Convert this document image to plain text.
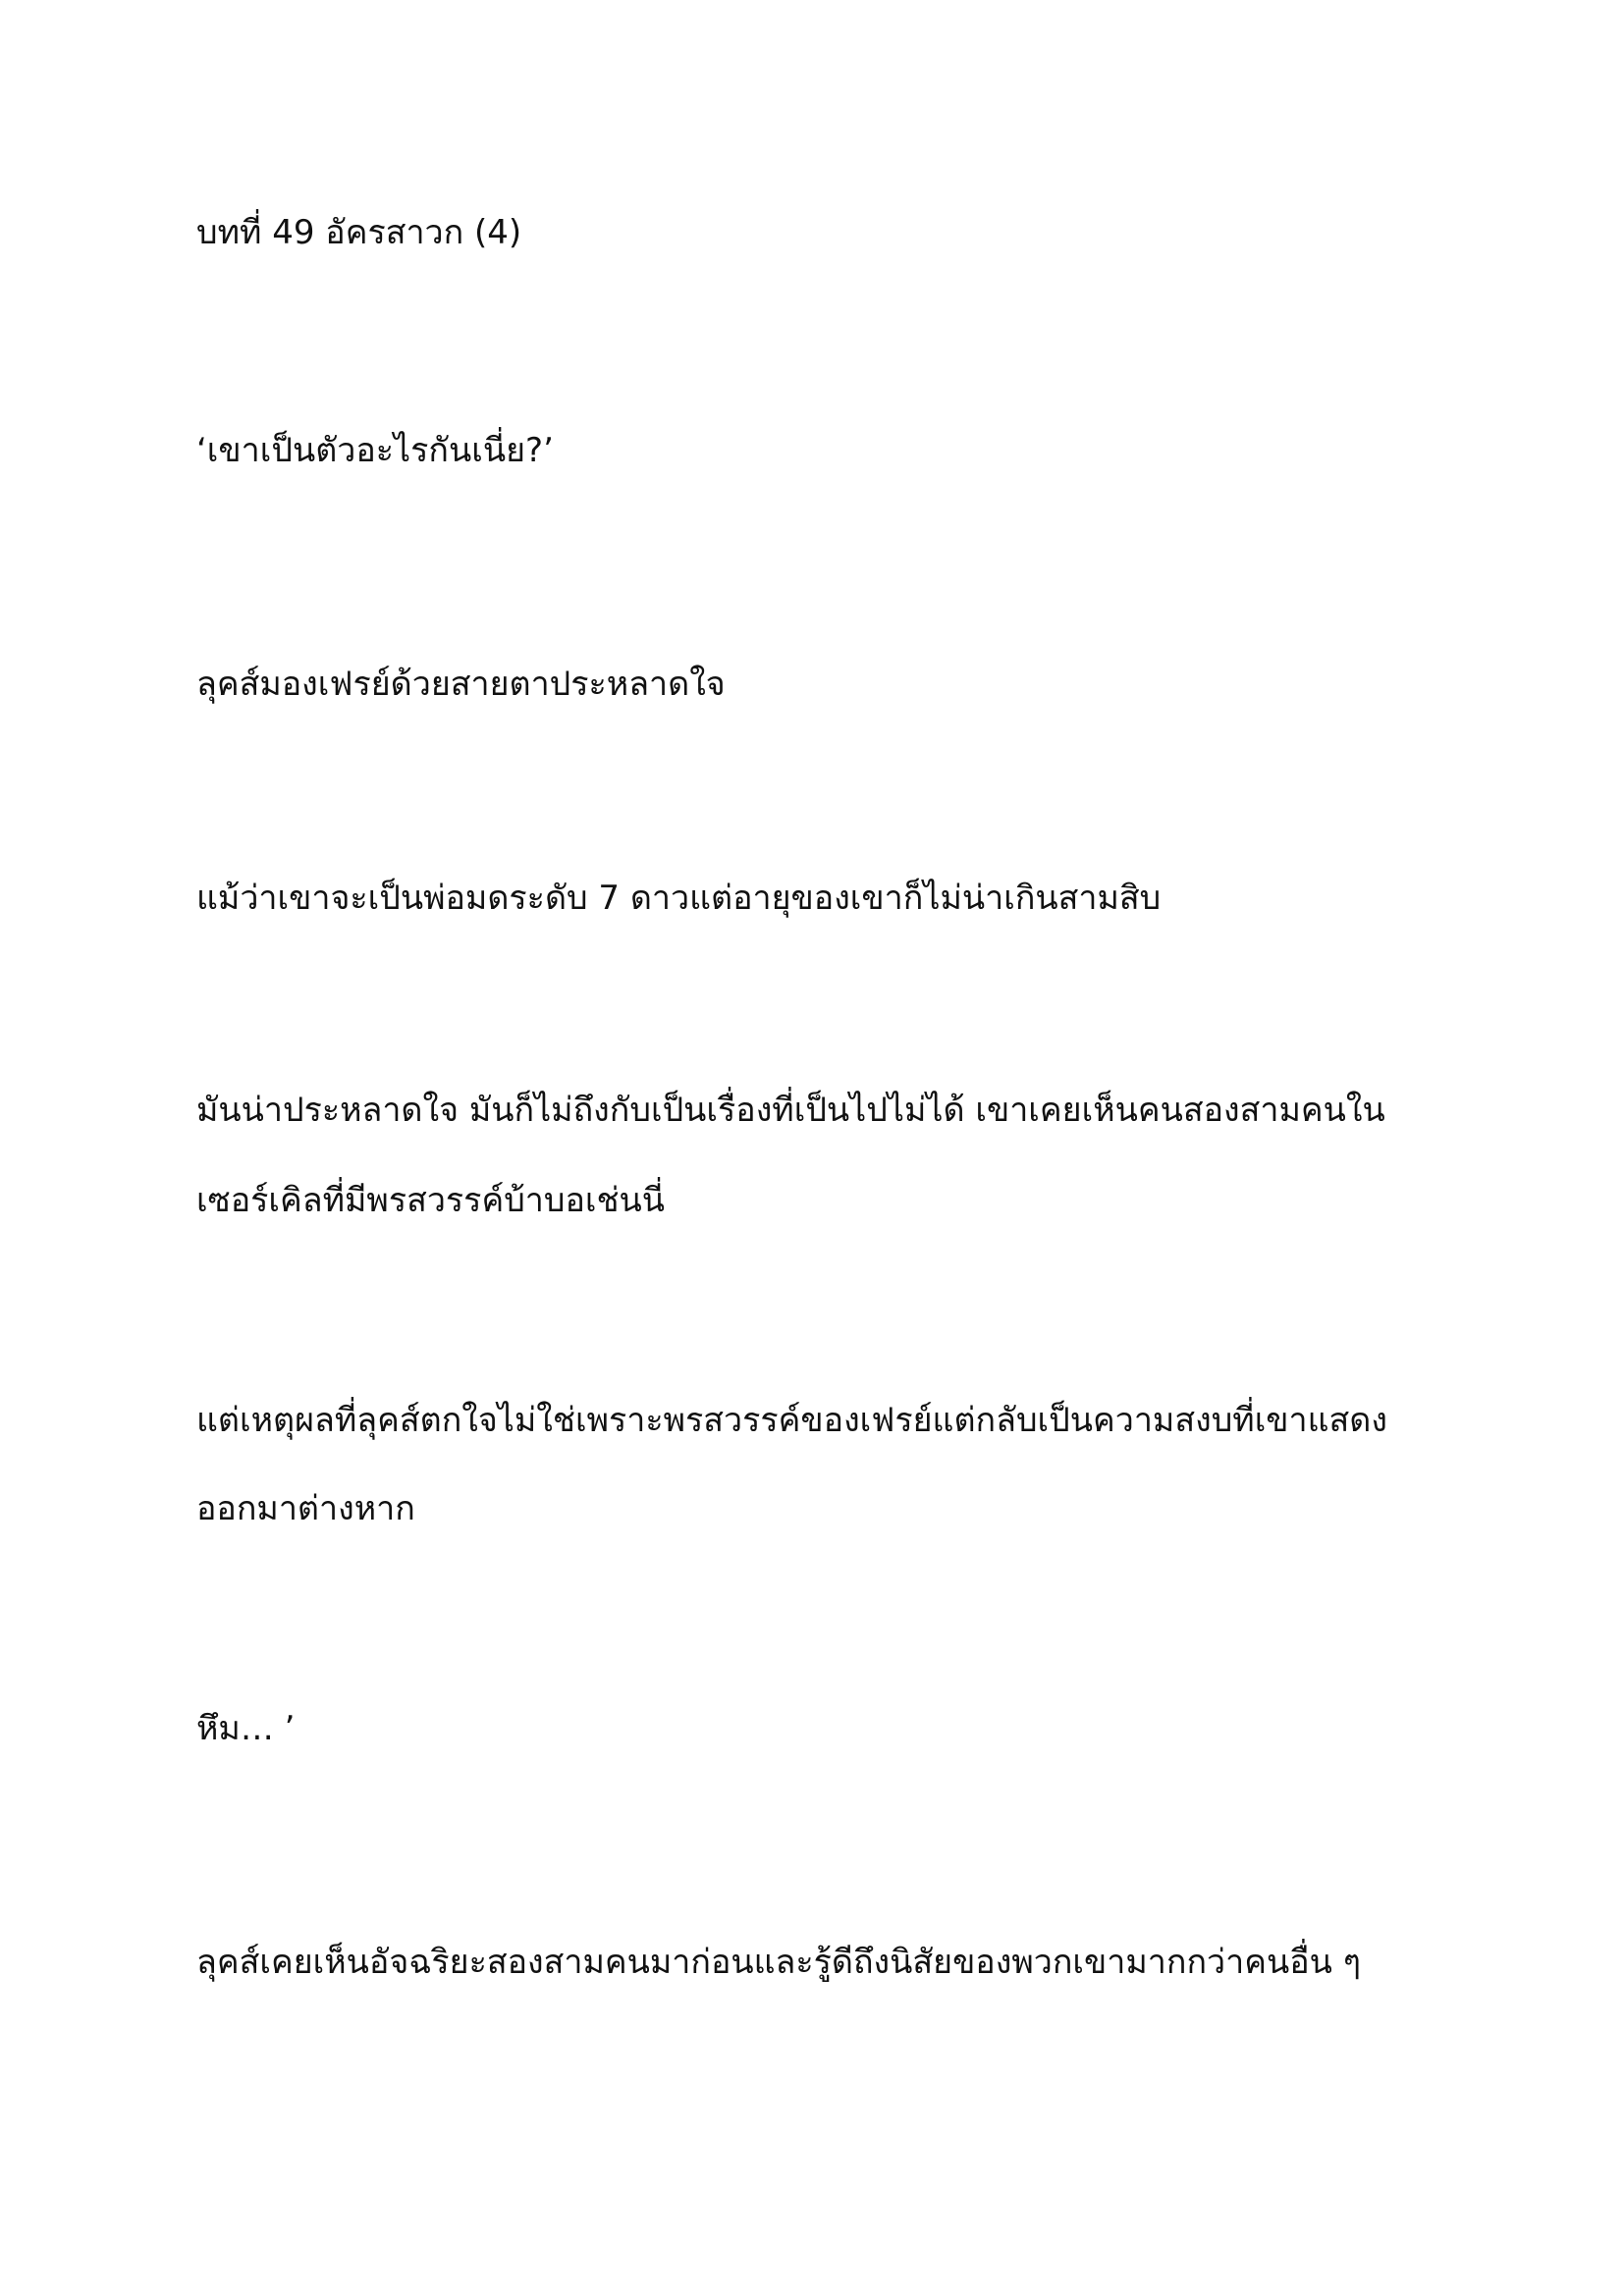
บทที่ 49 อัครสาวก (4)

‘เขาเป็นตัวอะไรกันเนี่ย?’

ลุคส์มองเฟรย์ด้วยสายตาประหลาดใจ

แม้ว่าเขาจะเป็นพ่อมดระดับ 7 ดาวแต่อายุของเขาก็ไม่น่าเกินสามสิบ

มันน่าประหลาดใจ มันก็ไม่ถึงกับเป็นเรื่องที่เป็นไปไม่ได้ เขาเคยเห็นคนสองสามคนใน

เซอร์เคิลที่มีพรสวรรค์บ้าบอเช่นนี่

แต่เหตุผลที่ลุคส์ตกใจไม่ใช่เพราะพรสวรรค์ของเฟรย์แต่กลับเป็นความสงบที่เขาแสดง

ออกมาต่างหาก

หึม… ’

ลุคส์เคยเห็นอัจฉริยะสองสามคนมาก่อนและรู้ดีถึงนิสัยของพวกเขามากกว่าคนอื่น ๆ
